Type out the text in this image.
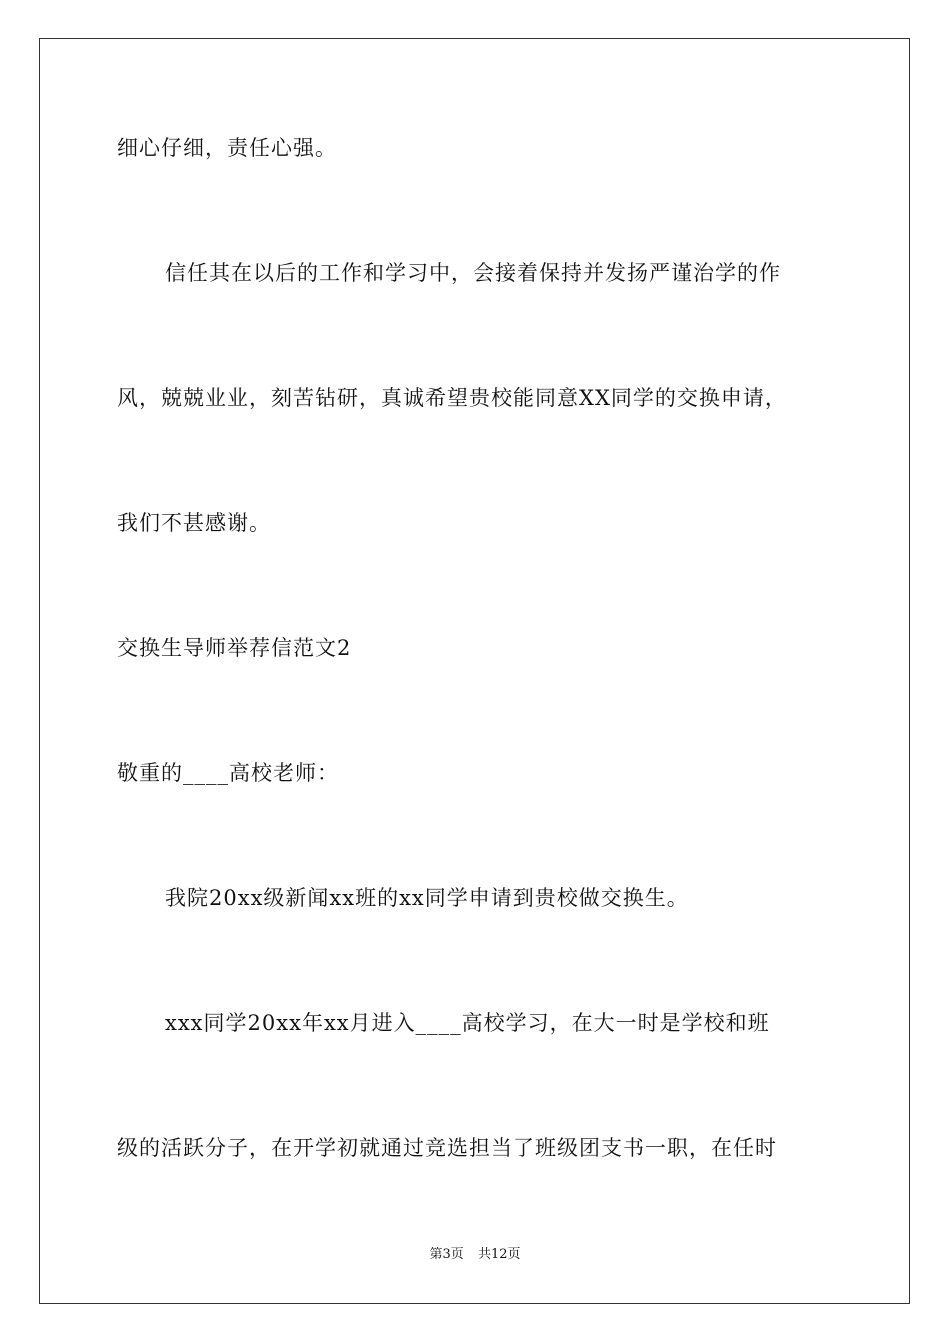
细心仔细，责任心强。
信任其在以后的工作和学习中，会接着保持并发扬严谨治学的作
风，兢兢业业，刻苦钻研，真诚希望贵校能同意XX同学的交换申请，
我们不甚感谢。
交换生导师举荐信范文2
敬重的____高校老师：
我院20xx级新闻xx班的xx同学申请到贵校做交换生。
xxx同学20xx年xx月进入____高校学习，在大一时是学校和班
级的活跃分子，在开学初就通过竞选担当了班级团支书一职，在任时
第3页 共12页
